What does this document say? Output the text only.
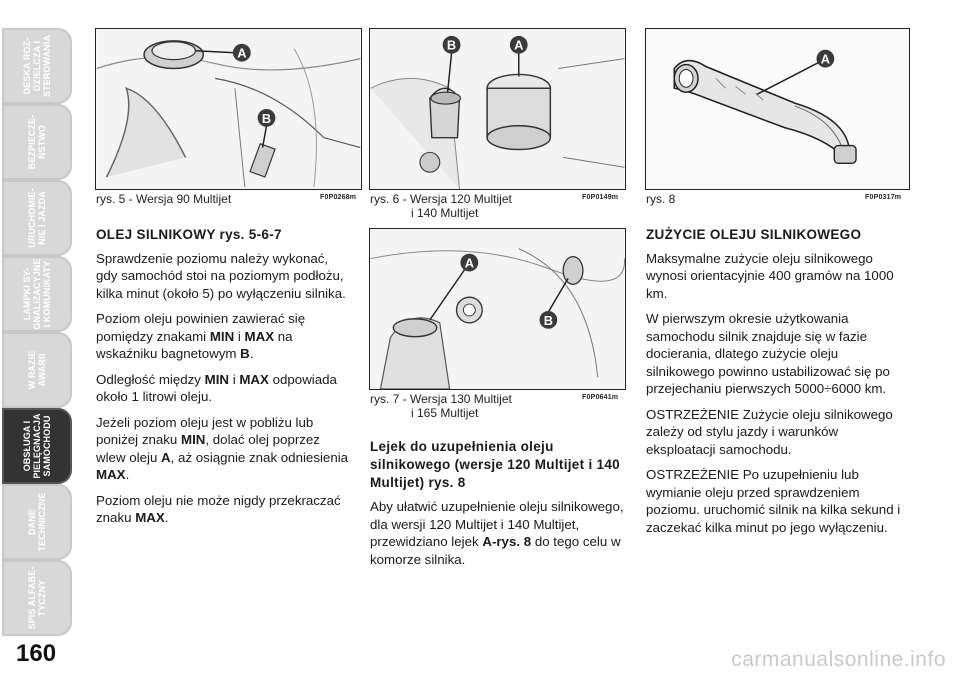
DESKA ROZ- DZIELCZA I STEROWANIA
BEZPIECZE- ŃSTWO
URUCHOMIE- NIE I JAZDA
LAMPKI SY- GNALIZACYJNE I KOMUNIKATY
W RAZIE AWARII
OBSŁUGA I PIELĘGNACJA SAMOCHODU
DANE TECHNICZNE
SPIS ALFABE- TYCZNY
160
A
B
rys. 5 - Wersja 90 Multijet	F0P0268m
B	A
rys. 6 - Wersja 120 Multijet
i 140 Multijet
F0P0149m
A
B
rys. 7 - Wersja 130 Multijet
i 165 Multijet
F0P0641m
A
rys. 8	F0P0317m
OLEJ SILNIKOWY rys. 5-6-7

Sprawdzenie poziomu należy wykonać, gdy samochód stoi na poziomym podłożu, kilka minut (około 5) po wyłączeniu silnika.

Poziom oleju powinien zawierać się pomiędzy znakami MIN i MAX na wskaźniku bagnetowym B.

Odległość między MIN i MAX odpowiada około 1 litrowi oleju.

Jeżeli poziom oleju jest w pobliżu lub poniżej znaku MIN, dolać olej poprzez wlew oleju A, aż osiągnie znak odniesienia MAX.

Poziom oleju nie może nigdy przekraczać znaku MAX.

Lejek do uzupełnienia oleju silnikowego (wersje 120 Multijet i 140 Multijet) rys. 8

Aby ułatwić uzupełnienie oleju silnikowego, dla wersji 120 Multijet i 140 Multijet, przewidziano lejek A-rys. 8 do tego celu w komorze silnika.

ZUŻYCIE OLEJU SILNIKOWEGO

Maksymalne zużycie oleju silnikowego wynosi orientacyjnie 400 gramów na 1000 km.

W pierwszym okresie użytkowania samochodu silnik znajduje się w fazie docierania, dlatego zużycie oleju silnikowego powinno ustabilizować się po przejechaniu pierwszych 5000÷6000 km.

OSTRZEŻENIE Zużycie oleju silnikowego zależy od stylu jazdy i warunków eksploatacji samochodu.

OSTRZEŻENIE Po uzupełnieniu lub wymianie oleju przed sprawdzeniem poziomu. uruchomić silnik na kilka sekund i zaczekać kilka minut po jego wyłączeniu.

carmanualsonline.info
